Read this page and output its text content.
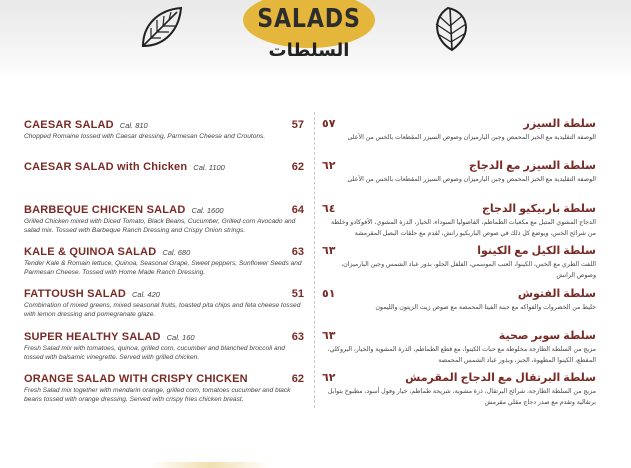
SALADS
السلطات
CAESAR SALAD Cal. 810
Chopped Romaine tossed with Caesar dressing, Parmesan Cheese and Croutons.
57
CAESAR SALAD with Chicken Cal. 1100	62
BARBEQUE CHICKEN SALAD Cal. 1600
Grilled Chicken mixed with Diced Tomato, Black Beans, Cucumber, Grilled corn Avocado and salad mix. Tossed with Barbeque Ranch Dressing and Crispy Onion strings.
64
KALE & QUINOA SALAD Cal. 680
Tender Kale & Romain lettuce, Quinoa, Seasonal Grape, Sweet peppers, Sunflower Seeds and Parmesan Cheese. Tossed with Home Made Ranch Dressing.
63
FATTOUSH SALAD Cal. 420
Combination of mixed greens, mixed seasonal fruits, toasted pita chips and feta cheese tossed with lemon dressing and pomegranate glaze.
51
SUPER HEALTHY SALAD Cal. 160
Fresh Salad mix with tomatoes, quinoa, grilled corn, cucumber and blanched broccoli and tossed with balsamic vinegrette. Served with grilled chicken.
63
ORANGE SALAD WITH CRISPY CHICKEN
Fresh Salad mix together with mendarin orange, grilled corn, tomatoes cucumber and black beans tossed with orange dressing. Served with crispy fries chicken breast.
62
سلطة السيزر
الوصفة التقليدية مع الخبز المحمص وجبن البارميزان وصوص السيزر المقطعات بالخس من الأعلى
٥٧
سلطة السيزر مع الدجاج
الوصفة التقليدية مع الخبز المحمص وجبن البارميزان وصوص السيزر المقطعات بالخس من الأعلى
٦٢
سلطة باربيكيو الدجاج
الدجاج المشوي المتبل مع مكعبات الطماطم، الفاصوليا السوداء، الخيار، الذرة المشوي، الأفوكادو وخلطة من شرائح الخس، ويوضع كل ذلك في صوص الباربكيو رانش، تُقدم مع حلقات البصل المقرمشة
٦٤
سلطة الكيل مع الكينوا
اللفت الطري مع الخس، الكينوا، العنب الموسمي، الفلفل الحلو، بذور عباد الشمس وجبن البارميزان، وصوص الرانش
٦٣
سلطة الفتوش
خليط من الخضروات والفواكه مع جبنة الفيتا المحمصة مع صوص زيت الزيتون والليمون
٥١
سلطة سوبر صحية
مزيج من السلطة الطازجة مخلوطة مع حبات الكينوا، مع قطع الطماطم، الذرة المشوية والخيار، البروكلي، المقطع، الكينوا المطهوة، الجبز، وبذور عباد الشمس المحمصة
٦٣
سلطة البرتقال مع الدجاج المقرمش
مزيج من السلطة الطازجة، شرائح البرتقال، ذرة مشوية، شريحة طماطم، خيار وفول أسود، مطبوخ بتوابل برتقالية وتقدم مع صدر دجاج مقلي مقرمش
٦٢
